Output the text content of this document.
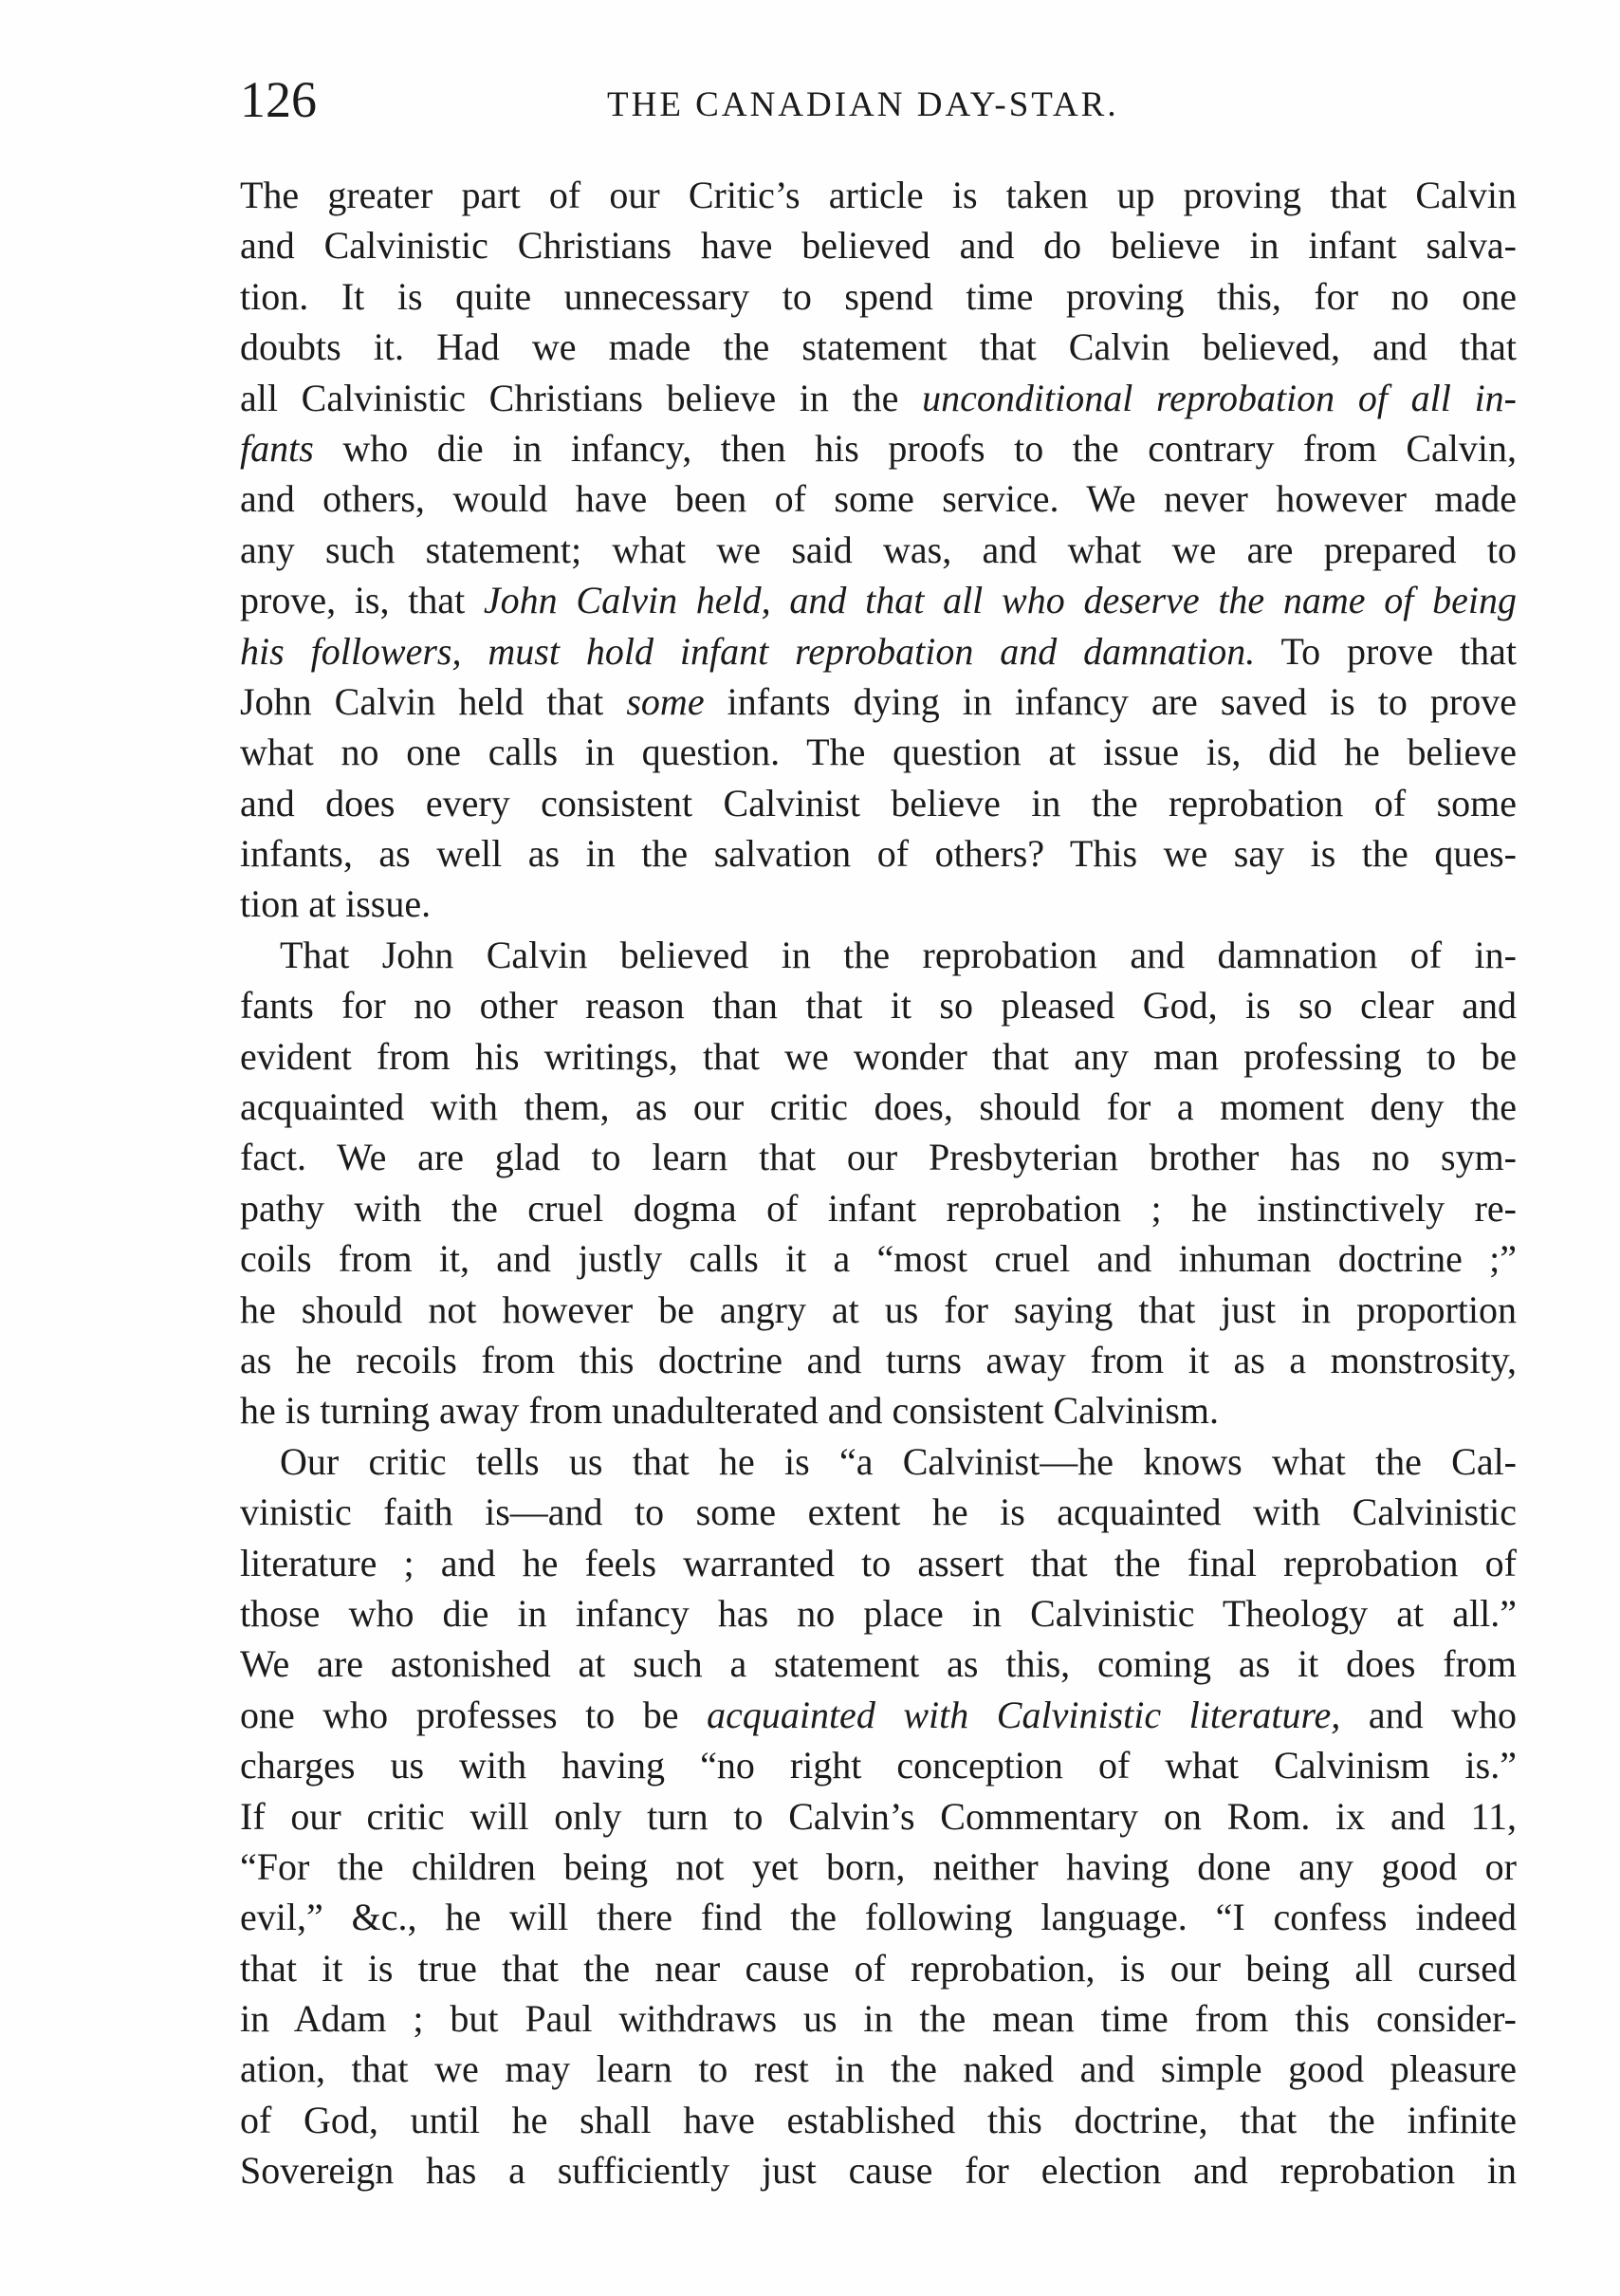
126	THE CANADIAN DAY-STAR.
The greater part of our Critic’s article is taken up proving that Calvin
and Calvinistic Christians have believed and do believe in infant salva-
tion. It is quite unnecessary to spend time proving this, for no one
doubts it. Had we made the statement that Calvin believed, and that
all Calvinistic Christians believe in the unconditional reprobation of all in-
fants who die in infancy, then his proofs to the contrary from Calvin,
and others, would have been of some service. We never however made
any such statement; what we said was, and what we are prepared to
prove, is, that John Calvin held, and that all who deserve the name of being
his followers, must hold infant reprobation and damnation. To prove that
John Calvin held that some infants dying in infancy are saved is to prove
what no one calls in question. The question at issue is, did he believe
and does every consistent Calvinist believe in the reprobation of some
infants, as well as in the salvation of others? This we say is the ques-
tion at issue.
That John Calvin believed in the reprobation and damnation of in-
fants for no other reason than that it so pleased God, is so clear and
evident from his writings, that we wonder that any man professing to be
acquainted with them, as our critic does, should for a moment deny the
fact. We are glad to learn that our Presbyterian brother has no sym-
pathy with the cruel dogma of infant reprobation ; he instinctively re-
coils from it, and justly calls it a “most cruel and inhuman doctrine ;”
he should not however be angry at us for saying that just in proportion
as he recoils from this doctrine and turns away from it as a monstrosity,
he is turning away from unadulterated and consistent Calvinism.
Our critic tells us that he is “a Calvinist—he knows what the Cal-
vinistic faith is—and to some extent he is acquainted with Calvinistic
literature ; and he feels warranted to assert that the final reprobation of
those who die in infancy has no place in Calvinistic Theology at all.”
We are astonished at such a statement as this, coming as it does from
one who professes to be acquainted with Calvinistic literature, and who
charges us with having “no right conception of what Calvinism is.”
If our critic will only turn to Calvin’s Commentary on Rom. ix and 11,
“For the children being not yet born, neither having done any good or
evil,” &c., he will there find the following language. “I confess indeed
that it is true that the near cause of reprobation, is our being all cursed
in Adam ; but Paul withdraws us in the mean time from this consider-
ation, that we may learn to rest in the naked and simple good pleasure
of God, until he shall have established this doctrine, that the infinite
Sovereign has a sufficiently just cause for election and reprobation in
